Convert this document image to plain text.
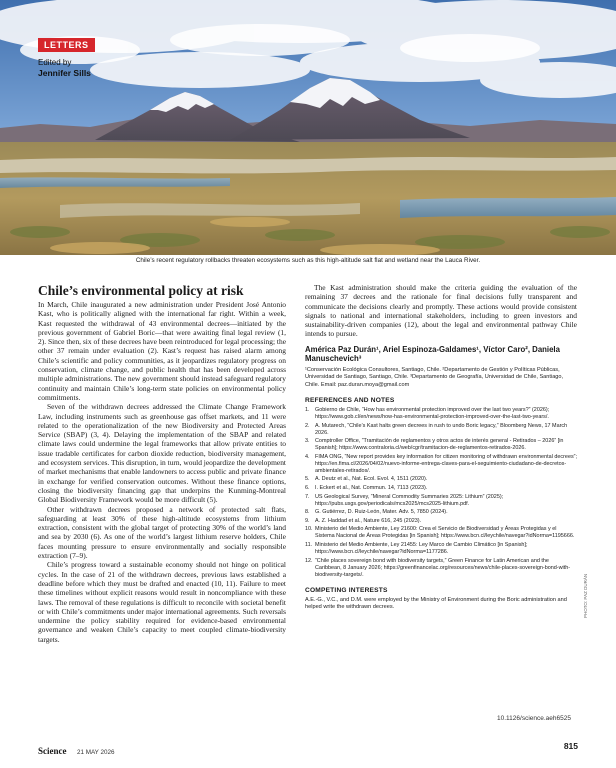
LETTERS
Edited by
Jennifer Sills
Chile’s recent regulatory rollbacks threaten ecosystems such as this high-altitude salt flat and wetland near the Lauca River.
Chile’s environmental policy at risk

In March, Chile inaugurated a new administration under President José Antonio Kast, who is politically aligned with the international far right. Within a week, Kast requested the withdrawal of 43 environmental decrees—initiated by the previous government of Gabriel Boric—that were awaiting final legal review (1, 2). Since then, six of these decrees have been reintroduced for legal processing; the other 37 remain under evaluation (2). Kast’s request has raised alarm among Chile’s scientific and policy communities, as it jeopardizes regulatory progress on conservation, climate change, and public health that has been developed across multiple administrations. The new government should instead safeguard regulatory continuity and maintain Chile’s long-term state policies on environmental policy commitments.

Seven of the withdrawn decrees addressed the Climate Change Framework Law, including instruments such as greenhouse gas offset markets, and 11 were related to the operationalization of the new Biodiversity and Protected Areas Service (SBAP) (3, 4). Delaying the implementation of the SBAP and related climate laws could undermine the legal frameworks that allow private entities to issue tradable certificates for carbon dioxide reduction, biodiversity management, and ecosystem services. This disruption, in turn, would jeopardize the development of market mechanisms that enable landowners to access public and private finance in exchange for verified conservation outcomes. Without these finance options, closing the biodiversity financing gap that underpins the Kunming-Montreal Global Biodiversity Framework would be more difficult (5).

Other withdrawn decrees proposed a network of protected salt flats, safeguarding at least 30% of these high-altitude ecosystems from lithium extraction, consistent with the global target of protecting 30% of the world’s land and sea by 2030 (6). As one of the world’s largest lithium reserve holders, Chile faces mounting pressure to ensure environmentally and socially responsible extraction (7–9).

Chile’s progress toward a sustainable economy should not hinge on political cycles. In the case of 21 of the withdrawn decrees, previous laws established a deadline before which they must be drafted and enacted (10, 11). Failure to meet these timelines without explicit reasons would result in noncompliance with these laws. The removal of these regulations is difficult to reconcile with societal benefit or with Chile’s commitments under major international agreements. Such reversals undermine the policy stability required for evidence-based environmental governance and weaken Chile’s capacity to meet coupled climate-biodiversity targets.

The Kast administration should make the criteria guiding the evaluation of the remaining 37 decrees and the rationale for final decisions fully transparent and communicate the decisions clearly and promptly. These actions would provide consistent signals to national and international stakeholders, including to green investors and sustainability-driven companies (12), about the legal and environmental pathway Chile intends to pursue.

América Paz Durán¹, Ariel Espinoza-Galdames¹, Víctor Caro², Daniela Manuschevich³
¹Conservación Ecológica Consultores, Santiago, Chile. ²Departamento de Gestión y Políticas Públicas, Universidad de Santiago, Santiago, Chile. ³Departamento de Geografía, Universidad de Chile, Santiago, Chile. Email: paz.duran.moya@gmail.com
REFERENCES AND NOTES
1. Gobierno de Chile, “How has environmental protection improved over the last two years?” (2026); https://www.gob.cl/en/news/how-has-environmental-protection-improved-over-the-last-two-years/.
2. A. Mutarech, “Chile’s Kast halts green decrees in rush to undo Boric legacy,” Bloomberg News, 17 March 2026.
3. Comptroller Office, “Tramitación de reglamentos y otros actos de interés general - Retirados – 2026” [in Spanish]; https://www.contraloria.cl/web/cgr/tramitacion-de-reglamentos-retirados-2026.
4. FIMA ONG, “New report provides key information for citizen monitoring of withdrawn environmental decrees”; https://en.fima.cl/2026/04/02/nuevo-informe-entrega-claves-para-el-seguimiento-ciudadano-de-decretos-ambientales-retirados/.
5. A. Deutz et al., Nat. Ecol. Evol. 4, 1511 (2020).
6. I. Eckert et al., Nat. Commun. 14, 7113 (2023).
7. US Geological Survey, “Mineral Commodity Summaries 2025: Lithium” (2025); https://pubs.usgs.gov/periodicals/mcs2025/mcs2025-lithium.pdf.
8. G. Gutiérrez, D. Ruiz-León, Mater. Adv. 5, 7850 (2024).
9. A. Z. Haddad et al., Nature 616, 245 (2023).
10. Ministerio del Medio Ambiente, Ley 21600: Crea el Servicio de Biodiversidad y Áreas Protegidas y el Sistema Nacional de Áreas Protegidas [in Spanish]; https://www.bcn.cl/leychile/navegar?idNorma=1195666.
11. Ministerio del Medio Ambiente, Ley 21455: Ley Marco de Cambio Climático [in Spanish]; https://www.bcn.cl/leychile/navegar?idNorma=1177286.
12. “Chile places sovereign bond with biodiversity targets,” Green Finance for Latin American and the Caribbean, 8 January 2026; https://greenfinancelac.org/resources/news/chile-places-sovereign-bond-with-biodiversity-targets/.
COMPETING INTERESTS
A.E.-G., V.C., and D.M. were employed by the Ministry of Environment during the Boric administration and helped write the withdrawn decrees.
10.1126/science.aeh6525
PHOTO: PAZ DURÁN
Science 21 MAY 2026
815
